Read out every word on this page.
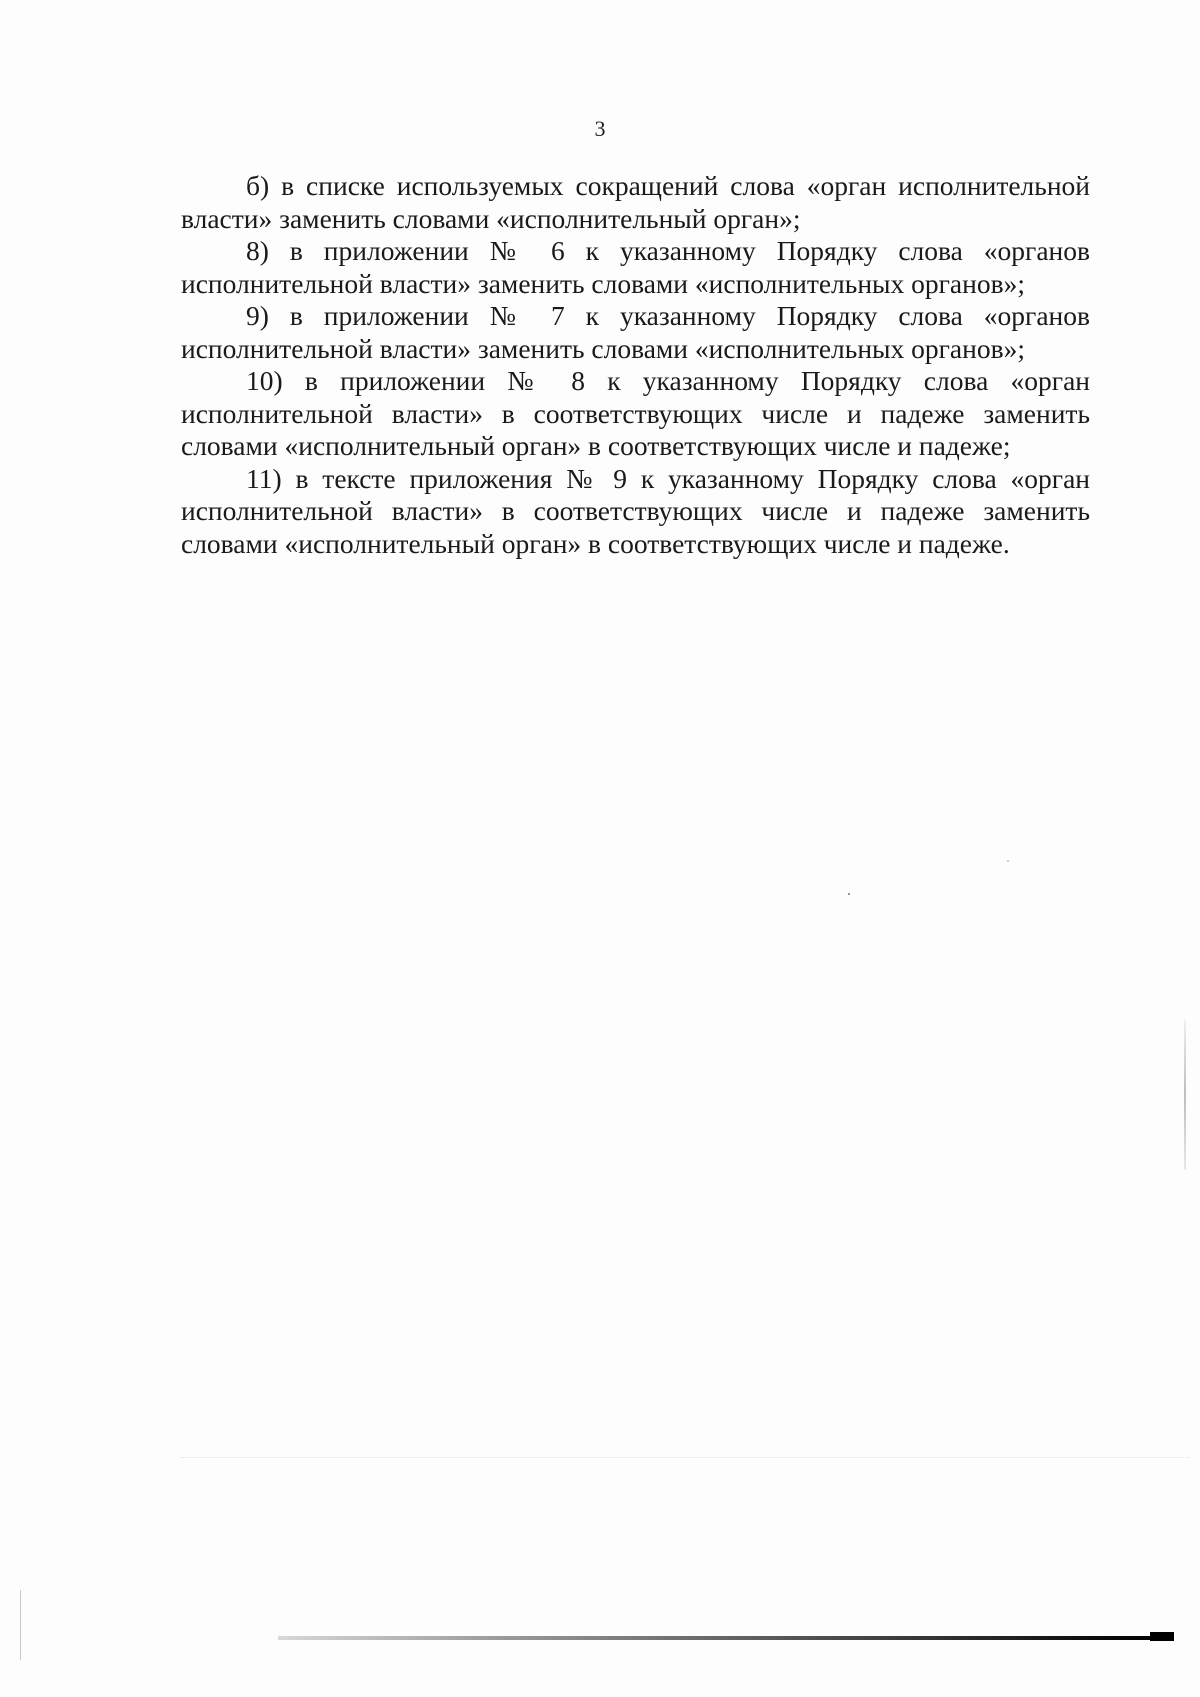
3

б) в списке используемых сокращений слова «орган исполнительной власти» заменить словами «исполнительный орган»;

8) в приложении № 6 к указанному Порядку слова «органов исполнительной власти» заменить словами «исполнительных органов»;

9) в приложении № 7 к указанному Порядку слова «органов исполнительной власти» заменить словами «исполнительных органов»;

10) в приложении № 8 к указанному Порядку слова «орган исполнительной власти» в соответствующих числе и падеже заменить словами «исполнительный орган» в соответствующих числе и падеже;

11) в тексте приложения № 9 к указанному Порядку слова «орган исполнительной власти» в соответствующих числе и падеже заменить словами «исполнительный орган» в соответствующих числе и падеже.
